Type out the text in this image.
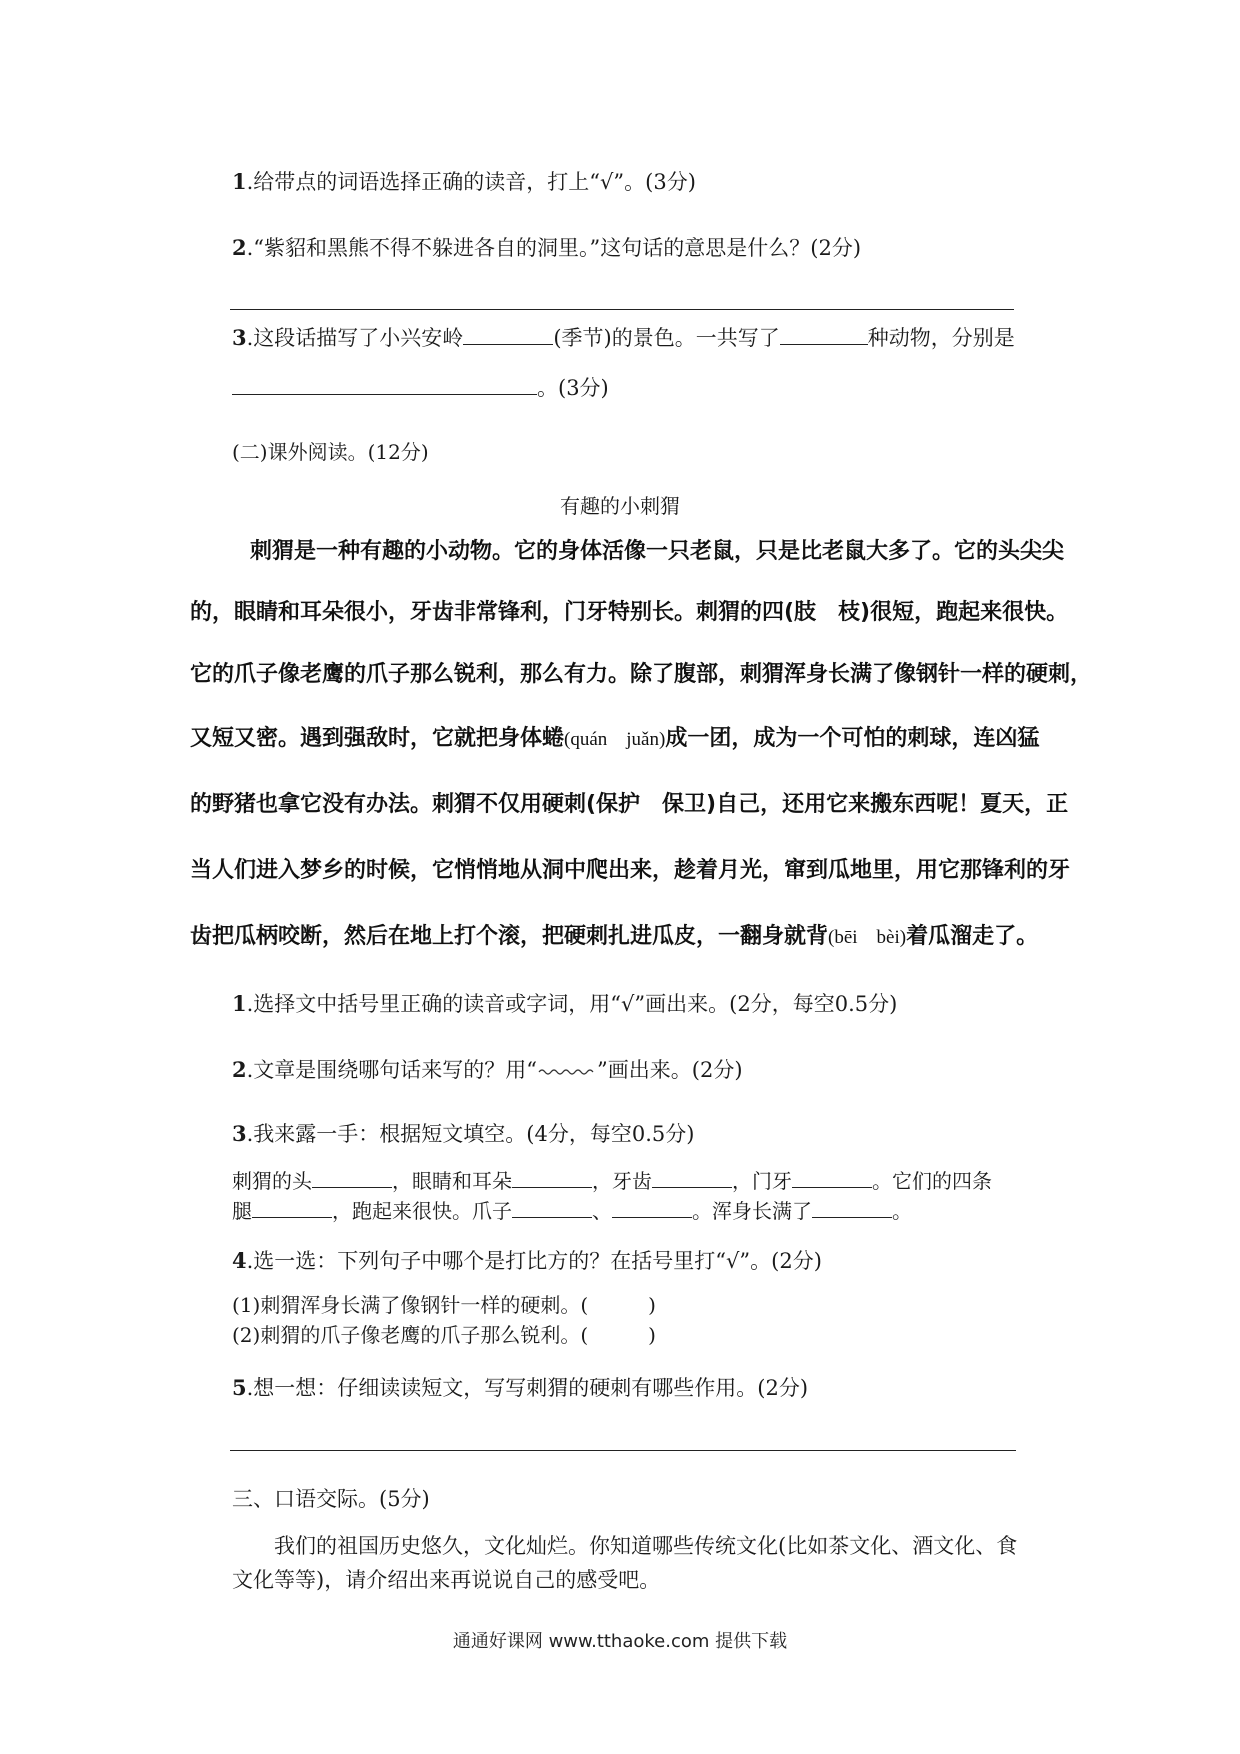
1.给带点的词语选择正确的读音，打上“√”。(3分)
2.“紫貂和黑熊不得不躲进各自的洞里。”这句话的意思是什么？(2分)
3.这段话描写了小兴安岭	(季节)的景色。一共写了	种动物，分别是
。(3分)
(二)课外阅读。(12分)
有趣的小刺猬
刺猬是一种有趣的小动物。它的身体活像一只老鼠，只是比老鼠大多了。它的头尖尖
的，眼睛和耳朵很小，牙齿非常锋利，门牙特别长。刺猬的四(肢　枝)很短，跑起来很快。
它的爪子像老鹰的爪子那么锐利，那么有力。除了腹部，刺猬浑身长满了像钢针一样的硬刺，
又短又密。遇到强敌时，它就把身体蜷(quán　juǎn)成一团，成为一个可怕的刺球，连凶猛
的野猪也拿它没有办法。刺猬不仅用硬刺(保护　保卫)自己，还用它来搬东西呢！夏天，正
当人们进入梦乡的时候，它悄悄地从洞中爬出来，趁着月光，窜到瓜地里，用它那锋利的牙
齿把瓜柄咬断，然后在地上打个滚，把硬刺扎进瓜皮，一翻身就背(bēi　bèi)着瓜溜走了。
1.选择文中括号里正确的读音或字词，用“√”画出来。(2分，每空0.5分)
2.文章是围绕哪句话来写的？用“	”画出来。(2分)
3.我来露一手：根据短文填空。(4分，每空0.5分)
刺猬的头	，眼睛和耳朵	，牙齿	，门牙	。它们的四条
腿	，跑起来很快。爪子	、	。浑身长满了	。
4.选一选：下列句子中哪个是打比方的？在括号里打“√”。(2分)
(1)刺猬浑身长满了像钢针一样的硬刺。(　　　)
(2)刺猬的爪子像老鹰的爪子那么锐利。(　　　)
5.想一想：仔细读读短文，写写刺猬的硬刺有哪些作用。(2分)
三、口语交际。(5分)
我们的祖国历史悠久，文化灿烂。你知道哪些传统文化(比如茶文化、酒文化、食
文化等等)，请介绍出来再说说自己的感受吧。
通通好课网 www.tthaoke.com 提供下载
